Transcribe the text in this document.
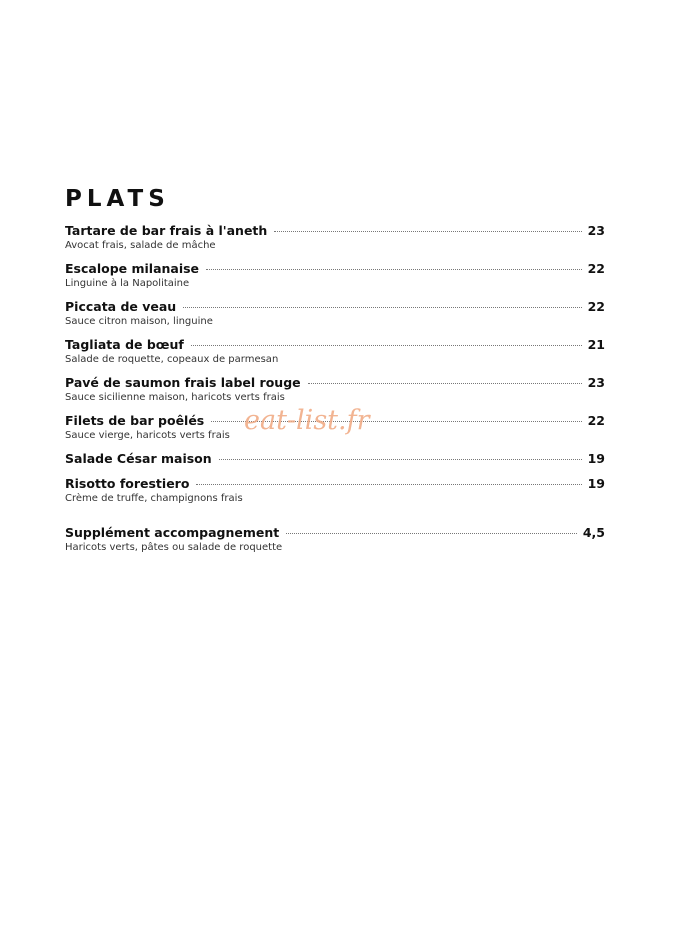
PLATS
Tartare de bar frais à l'aneth	23
Avocat frais, salade de mâche
Escalope milanaise	22
Linguine à la Napolitaine
Piccata de veau	22
Sauce citron maison, linguine
Tagliata de bœuf	21
Salade de roquette, copeaux de parmesan
Pavé de saumon frais label rouge	23
Sauce sicilienne maison, haricots verts frais
Filets de bar poêlés	22
Sauce vierge, haricots verts frais
Salade César maison	19
Risotto forestiero	19
Crème de truffe, champignons frais
Supplément accompagnement	4,5
Haricots verts, pâtes ou salade de roquette
eat-list.fr
